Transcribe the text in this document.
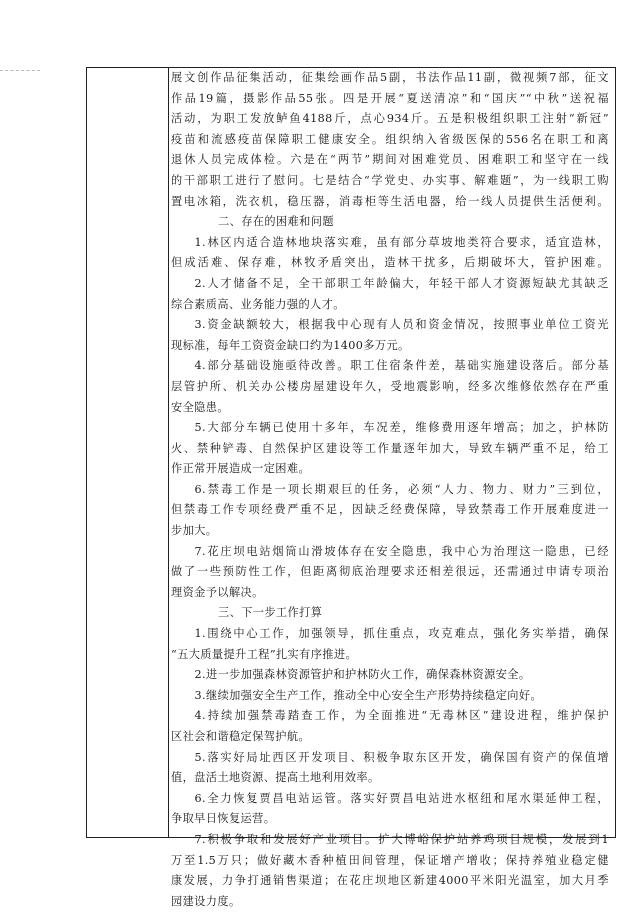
展文创作品征集活动，征集绘画作品5副，书法作品11副，微视频7部，征文
作品19篇，摄影作品55张。四是开展“夏送清凉”和“国庆”“中秋”送祝福
活动，为职工发放鲈鱼4188斤，点心934斤。五是积极组织职工注射“新冠”
疫苗和流感疫苗保障职工健康安全。组织纳入省级医保的556名在职工和离
退休人员完成体检。六是在“两节”期间对困难党员、困难职工和坚守在一线
的干部职工进行了慰问。七是结合“学党史、办实事、解难题”，为一线职工购
置电冰箱，洗衣机，稳压器，消毒柜等生活电器，给一线人员提供生活便利。
二、存在的困难和问题
1.林区内适合造林地块落实难，虽有部分草坡地类符合要求，适宜造林，
但成活难、保存难，林牧矛盾突出，造林干扰多，后期破坏大，管护困难。
2.人才储备不足，全干部职工年龄偏大，年轻干部人才资源短缺尤其缺乏
综合素质高、业务能力强的人才。
3.资金缺额较大，根据我中心现有人员和资金情况，按照事业单位工资光
现标准，每年工资资金缺口约为1400多万元。
4.部分基础设施亟待改善。职工住宿条件差，基础实施建设落后。部分基
层管护所、机关办公楼房屋建设年久，受地震影响，经多次维修依然存在严重
安全隐患。
5.大部分车辆已使用十多年，车况差，维修费用逐年增高；加之，护林防
火、禁种铲毒、自然保护区建设等工作量逐年加大，导致车辆严重不足，给工
作正常开展造成一定困难。
6.禁毒工作是一项长期艰巨的任务，必须“人力、物力、财力”三到位，
但禁毒工作专项经费严重不足，因缺乏经费保障，导致禁毒工作开展难度进一
步加大。
7.花庄坝电站烟筒山滑坡体存在安全隐患，我中心为治理这一隐患，已经
做了一些预防性工作，但距离彻底治理要求还相差很远，还需通过申请专项治
理资金予以解决。
三、下一步工作打算
1.围绕中心工作，加强领导，抓住重点，攻克难点，强化务实举措，确保
“五大质量提升工程”扎实有序推进。
2.进一步加强森林资源管护和护林防火工作，确保森林资源安全。
3.继续加强安全生产工作，推动全中心安全生产形势持续稳定向好。
4.持续加强禁毒踏查工作，为全面推进“无毒林区”建设进程，维护保护
区社会和谐稳定保驾护航。
5.落实好局址西区开发项目、积极争取东区开发，确保国有资产的保值增
值，盘活土地资源、提高土地利用效率。
6.全力恢复贾昌电站运管。落实好贾昌电站进水枢纽和尾水渠延伸工程，
争取早日恢复运营。
7.积极争取和发展好产业项目。扩大博峪保护站养鸡项目规模，发展到1
万至1.5万只；做好藏木香种植田间管理，保证增产增收；保持养殖业稳定健
康发展，力争打通销售渠道；在花庄坝地区新建4000平米阳光温室，加大月季
园建设力度。
